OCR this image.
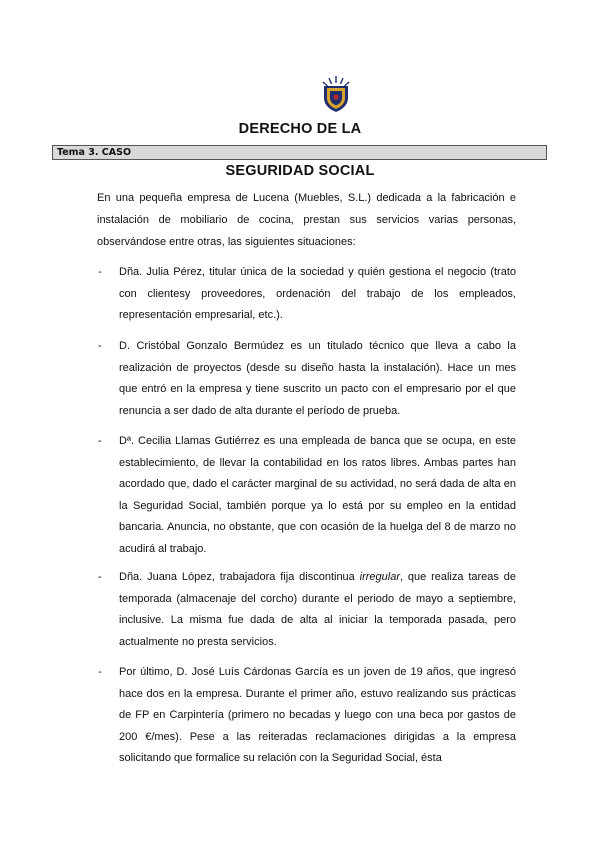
DERECHO DE LA
Tema 3. CASO
SEGURIDAD SOCIAL
En una pequeña empresa de Lucena (Muebles, S.L.) dedicada a la fabricación e instalación de mobiliario de cocina, prestan sus servicios varias personas, observándose entre otras, las siguientes situaciones:
- Dña. Julia Pérez, titular única de la sociedad y quién gestiona el negocio (trato con clientesy proveedores, ordenación del trabajo de los empleados, representación empresarial, etc.).
- D. Cristóbal Gonzalo Bermúdez es un titulado técnico que lleva a cabo la realización de proyectos (desde su diseño hasta la instalación). Hace un mes que entró en la empresa y tiene suscrito un pacto con el empresario por el que renuncia a ser dado de alta durante el período de prueba.
- Dª. Cecilia Llamas Gutiérrez es una empleada de banca que se ocupa, en este establecimiento, de llevar la contabilidad en los ratos libres. Ambas partes han acordado que, dado el carácter marginal de su actividad, no será dada de alta en la Seguridad Social, también porque ya lo está por su empleo en la entidad bancaria. Anuncia, no obstante, que con ocasión de la huelga del 8 de marzo no acudirá al trabajo.
- Dña. Juana López, trabajadora fija discontinua irregular, que realiza tareas de temporada (almacenaje del corcho) durante el periodo de mayo a septiembre, inclusive. La misma fue dada de alta al iniciar la temporada pasada, pero actualmente no presta servicios.
- Por último, D. José Luís Cárdonas García es un joven de 19 años, que ingresó hace dos en la empresa. Durante el primer año, estuvo realizando sus prácticas de FP en Carpintería (primero no becadas y luego con una beca por gastos de 200 €/mes). Pese a las reiteradas reclamaciones dirigidas a la empresa solicitando que formalice su relación con la Seguridad Social, ésta
